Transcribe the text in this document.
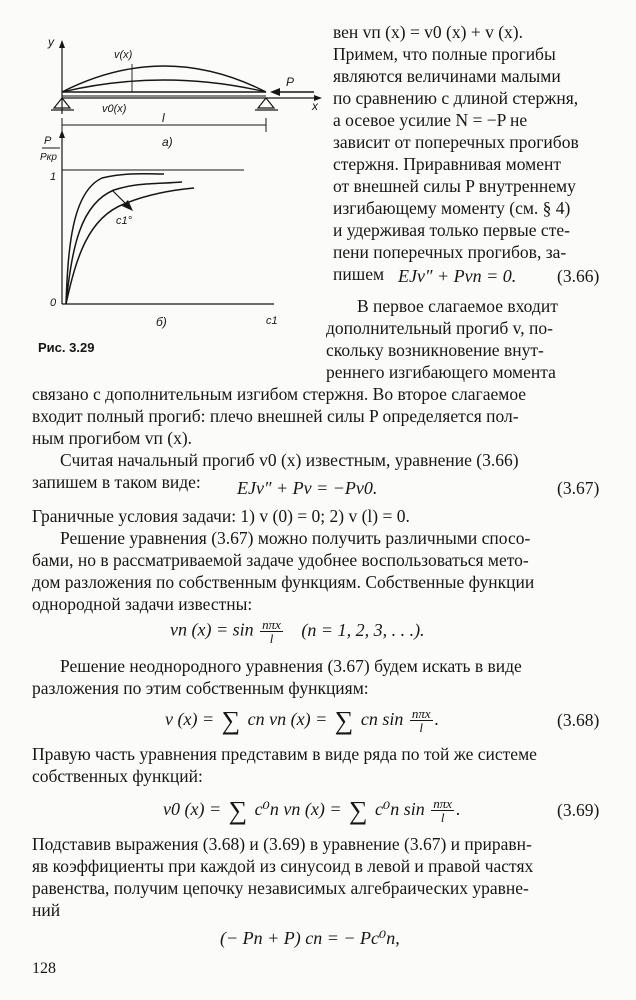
y
x
v(x)
v0(x)
P
l
а)
P
Pкр
c1
1
0
c1°
б)
Рис. 3.29
вен vп (x) = v0 (x) + v (x).
Примем, что полные прогибы
являются величинами малыми
по сравнению с длиной стержня,
а осевое усилие N = −P не
зависит от поперечных прогибов
стержня. Приравнивая момент
от внешней силы P внутреннему
изгибающему моменту (см. § 4)
и удерживая только первые сте-
пени поперечных прогибов, за-
пишем EJv″ + Pvп = 0. (3.66)
В первое слагаемое входит
дополнительный прогиб v, по-
скольку возникновение внут-
реннего изгибающего момента
связано с дополнительным изгибом стержня. Во второе слагаемое
входит полный прогиб: плечо внешней силы P определяется пол-
ным прогибом vп (x).
Считая начальный прогиб v0 (x) известным, уравнение (3.66)
запишем в таком виде: EJv″ + Pv = −Pv0.	(3.67)
Граничные условия задачи: 1) v (0) = 0; 2) v (l) = 0.
Решение уравнения (3.67) можно получить различными спосо-
бами, но в рассматриваемой задаче удобнее воспользоваться мето-
дом разложения по собственным функциям. Собственные функции
однородной задачи известны:
vn $(x) = \sin \frac{\text{nπx}}{l} (n = 1$, 2, 3, . . .).
Решение неоднородного уравнения (3.67) будем искать в виде
разложения по этим собственным функциям:
v (x) = ∑ cn vn (x) = ∑ cn $\sin \frac{\text{nπx}}{l}$ .	(3.68)
Правую часть уравнения представим в виде ряда по той же системе
собственных функций:
v0 (x) = ∑ c⁰n vn (x) = ∑ c⁰n $\sin \frac{\text{nπx}}{l}$ .	(3.69)
Подставив выражения (3.68) и (3.69) в уравнение (3.67) и приравн-
яв коэффициенты при каждой из синусоид в левой и правой частях
равенства, получим цепочку независимых алгебраических уравне-
ний
(− Pn + P) cn = − Pc⁰n,
128
